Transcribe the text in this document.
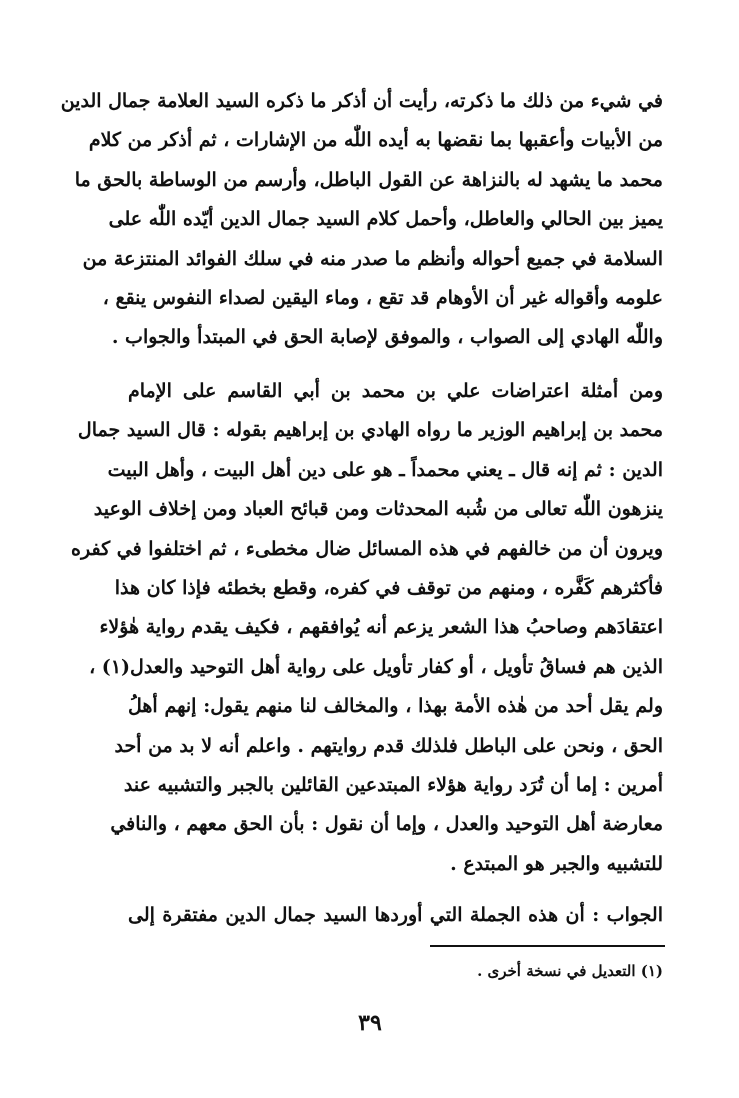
في شيء من ذلك ما ذكرته، رأيت أن أذكر ما ذكره السيد العلامة جمال الدين
من الأبيات وأعقبها بما نقضها به أيده اللّٰه من الإشارات ، ثم أذكر من كلام
محمد ما يشهد له بالنزاهة عن القول الباطل، وأرسم من الوساطة بالحق ما
يميز بين الحالي والعاطل، وأحمل كلام السيد جمال الدين أيّده اللّٰه على
السلامة في جميع أحواله وأنظم ما صدر منه في سلك الفوائد المنتزعة من
علومه وأقواله غير أن الأوهام قد تقع ، وماء اليقين لصداء النفوس ينقع ،
واللّٰه الهادي إلى الصواب ، والموفق لإصابة الحق في المبتدأ والجواب .
ومن أمثلة اعتراضات علي بن محمد بن أبي القاسم على الإمام
محمد بن إبراهيم الوزير ما رواه الهادي بن إبراهيم بقوله : قال السيد جمال
الدين : ثم إنه قال ـ يعني محمداً ـ هو على دين أهل البيت ، وأهل البيت
ينزهون اللّٰه تعالى من شُبه المحدثات ومن قبائح العباد ومن إخلاف الوعيد
ويرون أن من خالفهم في هذه المسائل ضال مخطىء ، ثم اختلفوا في كفره
فأكثرهم كَفَّره ، ومنهم من توقف في كفره، وقطع بخطئه فإذا كان هذا
اعتقادَهم وصاحبُ هذا الشعر يزعم أنه يُوافقهم ، فكيف يقدم رواية هٰؤلاء
الذين هم فساقُ تأويل ، أو كفار تأويل على رواية أهل التوحيد والعدل(١) ،
ولم يقل أحد من هٰذه الأمة بهذا ، والمخالف لنا منهم يقول: إنهم أهلُ
الحق ، ونحن على الباطل فلذلك قدم روايتهم . واعلم أنه لا بد من أحد
أمرين : إما أن تُرَد رواية هؤلاء المبتدعين القائلين بالجبر والتشبيه عند
معارضة أهل التوحيد والعدل ، وإما أن نقول : بأن الحق معهم ، والنافي
للتشبيه والجبر هو المبتدع .
الجواب : أن هذه الجملة التي أوردها السيد جمال الدين مفتقرة إلى
(١) التعديل في نسخة أخرى .
٣٩
